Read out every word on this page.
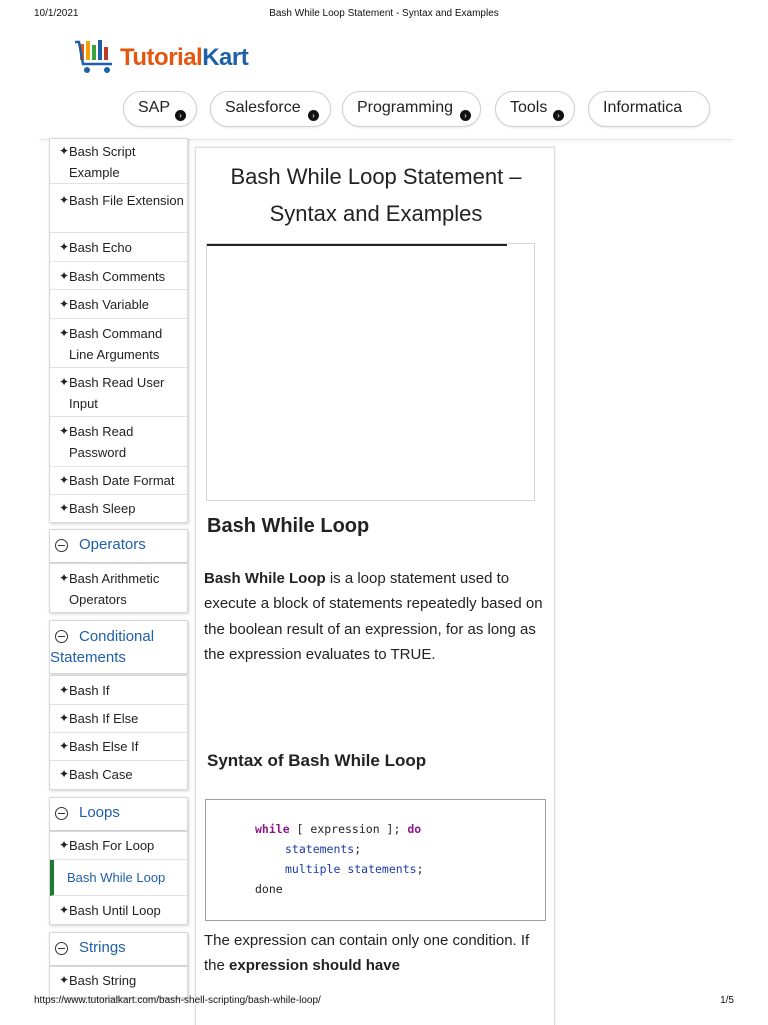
10/1/2021	Bash While Loop Statement - Syntax and Examples
TutorialKart
SAP	›	Salesforce	›	Programming	›	Tools	›	Informatica
✦ Bash Script Example
✦ Bash File Extension
✦ Bash Echo
✦ Bash Comments
✦ Bash Variable
✦ Bash Command Line Arguments
✦ Bash Read User Input
✦ Bash Read Password
✦ Bash Date Format
✦ Bash Sleep
Operators
✦ Bash Arithmetic Operators
Conditional Statements
✦ Bash If
✦ Bash If Else
✦ Bash Else If
✦ Bash Case
Loops
✦ Bash For Loop
Bash While Loop
✦ Bash Until Loop
Strings
✦ Bash String
Bash While Loop Statement – Syntax and Examples
Bash While Loop
Bash While Loop is a loop statement used to execute a block of statements repeatedly based on the boolean result of an expression, for as long as the expression evaluates to TRUE.
Syntax of Bash While Loop
while [ expression ]; do
statements;
multiple statements;
done
The expression can contain only one condition. If the expression should have
https://www.tutorialkart.com/bash-shell-scripting/bash-while-loop/	1/5
